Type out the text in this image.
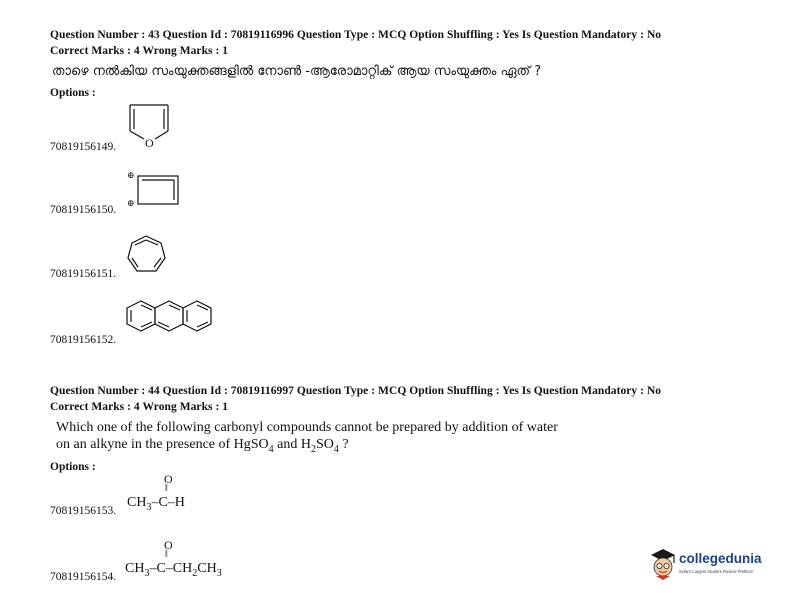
Question Number : 43 Question Id : 70819116996 Question Type : MCQ Option Shuffling : Yes Is Question Mandatory : No
Correct Marks : 4 Wrong Marks : 1
താഴെ നൽകിയ സംയുക്തങ്ങളിൽ നോൺ -ആരോമാറ്റിക് ആയ സംയുക്തം ഏത് ?
Options :
70819156149. O
70819156150.
⊕
⊕
70819156151.
70819156152.
Question Number : 44 Question Id : 70819116997 Question Type : MCQ Option Shuffling : Yes Is Question Mandatory : No
Correct Marks : 4 Wrong Marks : 1
Which one of the following carbonyl compounds cannot be prepared by addition of water
on an alkyne in the presence of HgSO$_4$ and $H_2SO_4$ ?
Options :
70819156153.
O
‖
$CH_3-C-H$
70819156154.
O
‖
$CH_3-C-CH_2CH_3$
collegedunia
India's Largest Student Review Platform
